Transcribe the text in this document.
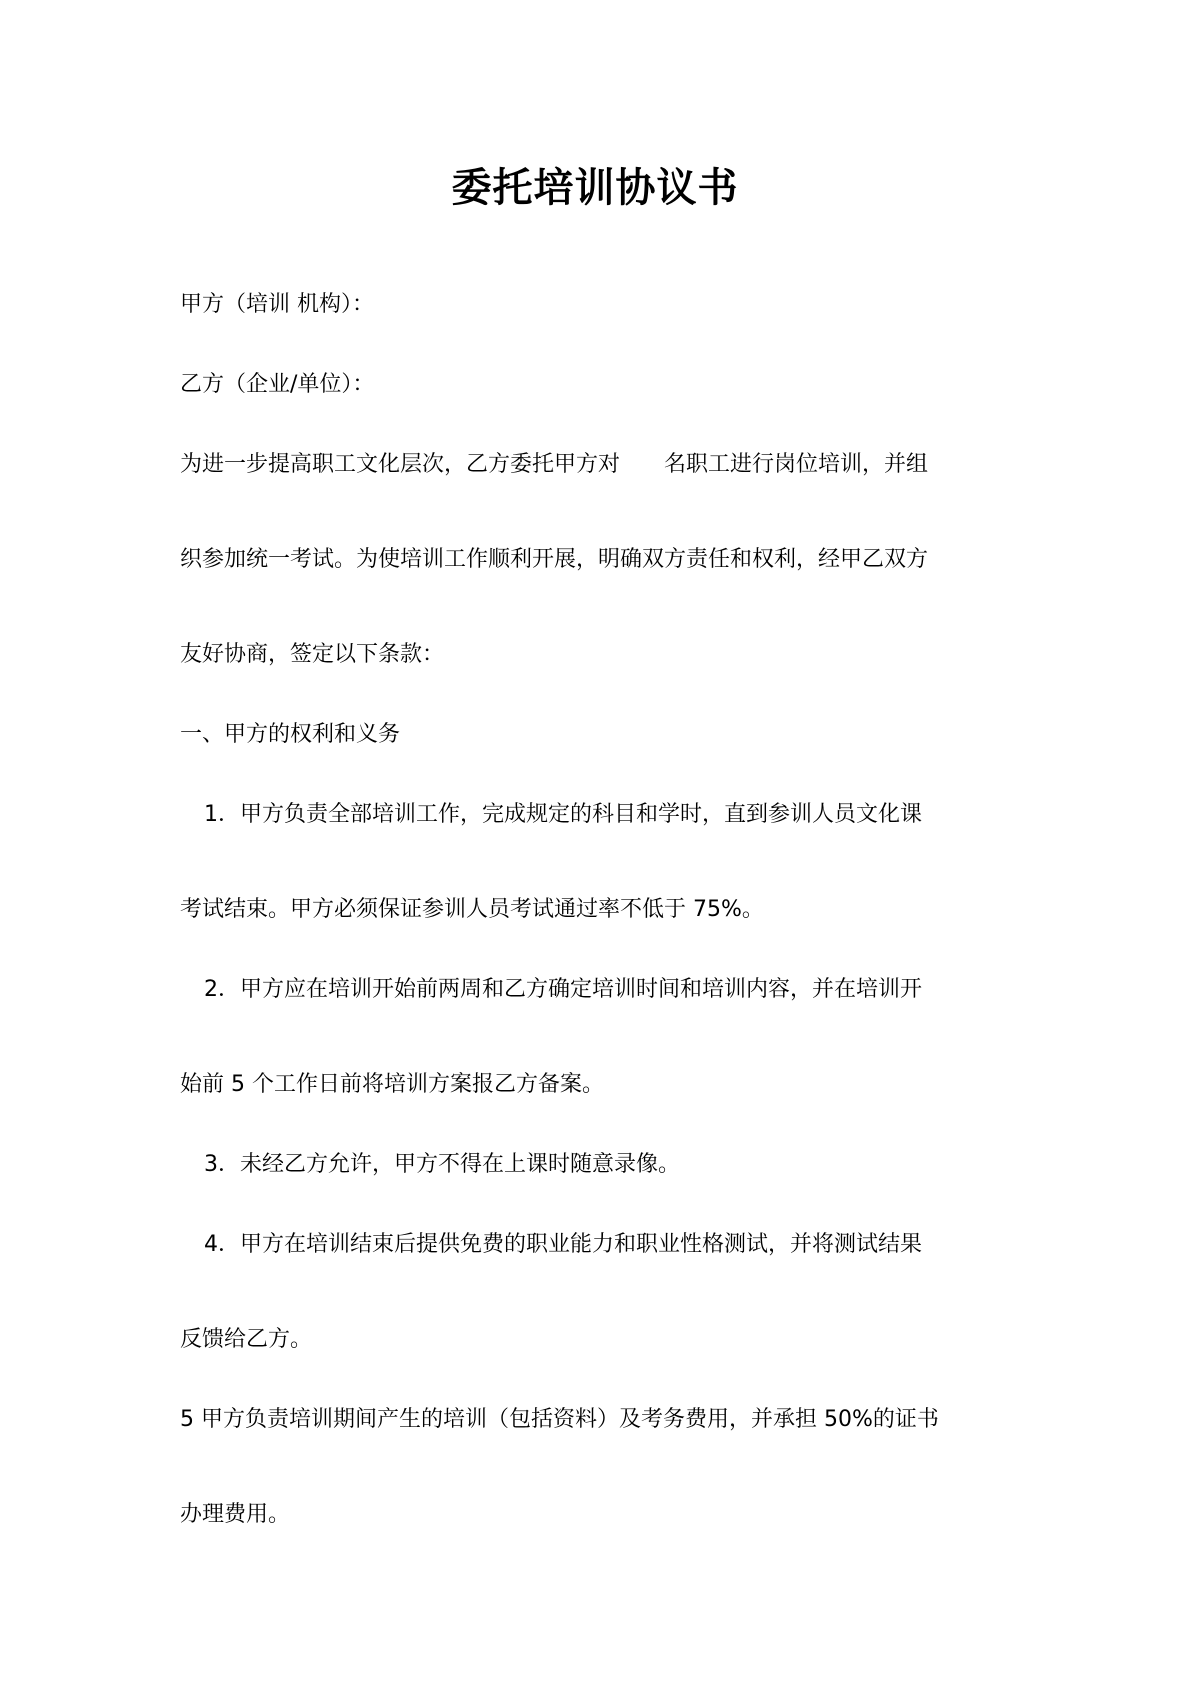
委托培训协议书

甲方（培训 机构）：

乙方（企业/单位）：

为进一步提高职工文化层次，乙方委托甲方对　　名职工进行岗位培训，并组

织参加统一考试。为使培训工作顺利开展，明确双方责任和权利，经甲乙双方

友好协商，签定以下条款：

一、甲方的权利和义务

1．甲方负责全部培训工作，完成规定的科目和学时，直到参训人员文化课

考试结束。甲方必须保证参训人员考试通过率不低于 75%。

2．甲方应在培训开始前两周和乙方确定培训时间和培训内容，并在培训开

始前 5 个工作日前将培训方案报乙方备案。

3．未经乙方允许，甲方不得在上课时随意录像。

4．甲方在培训结束后提供免费的职业能力和职业性格测试，并将测试结果

反馈给乙方。

5 甲方负责培训期间产生的培训（包括资料）及考务费用，并承担 50%的证书

办理费用。
